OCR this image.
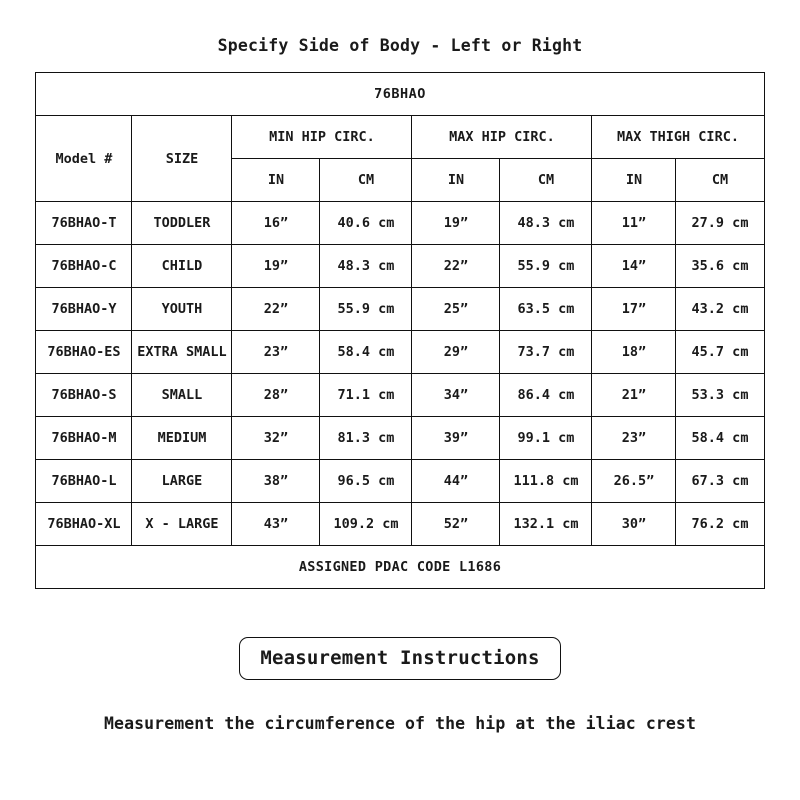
Specify Side of Body - Left or Right
76BHAO							
Model #	SIZE	MIN HIP CIRC.		MAX HIP CIRC.		MAX THIGH CIRC.	
		IN	CM	IN	CM	IN	CM
76BHAO-T	TODDLER	16”	40.6 cm	19”	48.3 cm	11”	27.9 cm
76BHAO-C	CHILD	19”	48.3 cm	22”	55.9 cm	14”	35.6 cm
76BHAO-Y	YOUTH	22”	55.9 cm	25”	63.5 cm	17”	43.2 cm
76BHAO-ES	EXTRA SMALL	23”	58.4 cm	29”	73.7 cm	18”	45.7 cm
76BHAO-S	SMALL	28”	71.1 cm	34”	86.4 cm	21”	53.3 cm
76BHAO-M	MEDIUM	32”	81.3 cm	39”	99.1 cm	23”	58.4 cm
76BHAO-L	LARGE	38”	96.5 cm	44”	111.8 cm	26.5”	67.3 cm
76BHAO-XL	X - LARGE	43”	109.2 cm	52”	132.1 cm	30”	76.2 cm
ASSIGNED PDAC CODE L1686							
Measurement Instructions
Measurement the circumference of the hip at the iliac crest
